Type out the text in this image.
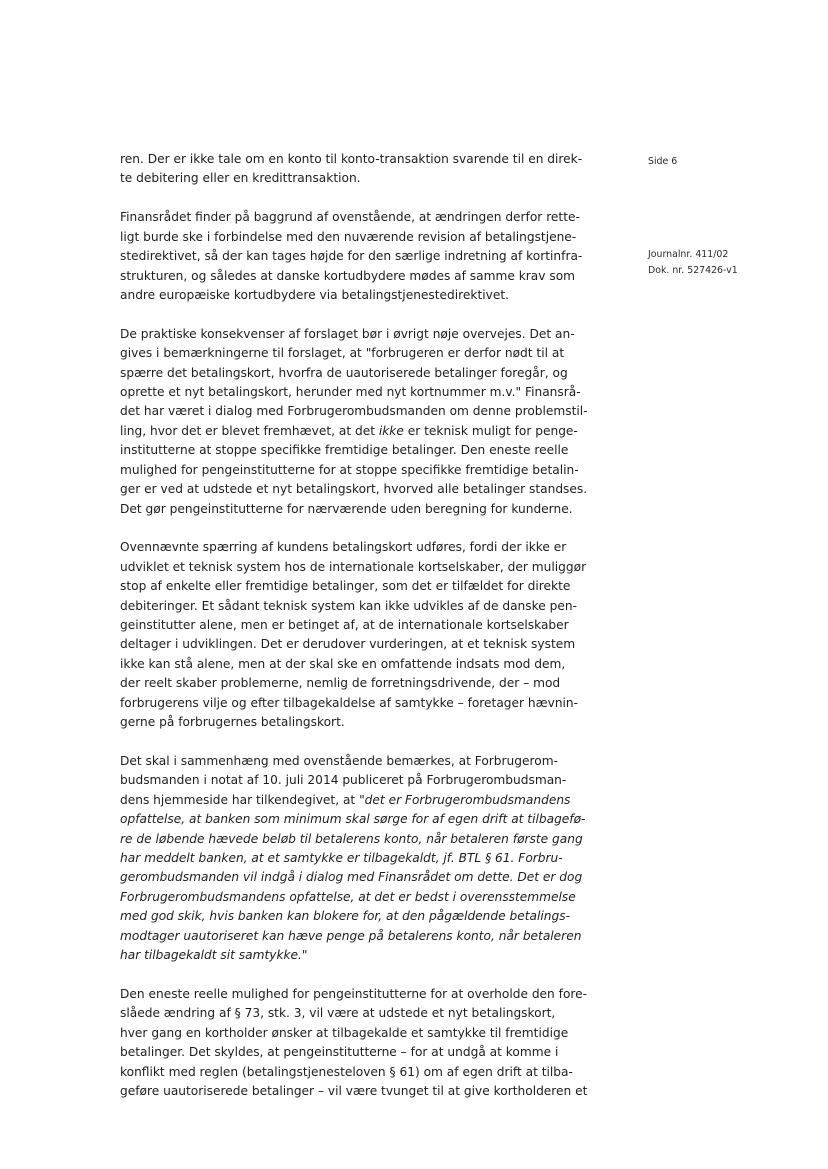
Side 6
Journalnr. 411/02
Dok. nr. 527426-v1

ren. Der er ikke tale om en konto til konto-transaktion svarende til en direk-
te debitering eller en kredittransaktion.

Finansrådet finder på baggrund af ovenstående, at ændringen derfor rette-
ligt burde ske i forbindelse med den nuværende revision af betalingstjene-
stedirektivet, så der kan tages højde for den særlige indretning af kortinfra-
strukturen, og således at danske kortudbydere mødes af samme krav som
andre europæiske kortudbydere via betalingstjenestedirektivet.

De praktiske konsekvenser af forslaget bør i øvrigt nøje overvejes. Det an-
gives i bemærkningerne til forslaget, at "forbrugeren er derfor nødt til at
spærre det betalingskort, hvorfra de uautoriserede betalinger foregår, og
oprette et nyt betalingskort, herunder med nyt kortnummer m.v." Finansrå-
det har været i dialog med Forbrugerombudsmanden om denne problemstil-
ling, hvor det er blevet fremhævet, at det ikke er teknisk muligt for penge-
institutterne at stoppe specifikke fremtidige betalinger. Den eneste reelle
mulighed for pengeinstitutterne for at stoppe specifikke fremtidige betalin-
ger er ved at udstede et nyt betalingskort, hvorved alle betalinger standses.
Det gør pengeinstitutterne for nærværende uden beregning for kunderne.

Ovennævnte spærring af kundens betalingskort udføres, fordi der ikke er
udviklet et teknisk system hos de internationale kortselskaber, der muliggør
stop af enkelte eller fremtidige betalinger, som det er tilfældet for direkte
debiteringer. Et sådant teknisk system kan ikke udvikles af de danske pen-
geinstitutter alene, men er betinget af, at de internationale kortselskaber
deltager i udviklingen. Det er derudover vurderingen, at et teknisk system
ikke kan stå alene, men at der skal ske en omfattende indsats mod dem,
der reelt skaber problemerne, nemlig de forretningsdrivende, der – mod
forbrugerens vilje og efter tilbagekaldelse af samtykke – foretager hævnin-
gerne på forbrugernes betalingskort.

Det skal i sammenhæng med ovenstående bemærkes, at Forbrugerom-
budsmanden i notat af 10. juli 2014 publiceret på Forbrugerombudsman-
dens hjemmeside har tilkendegivet, at "det er Forbrugerombudsmandens
opfattelse, at banken som minimum skal sørge for af egen drift at tilbagefø-
re de løbende hævede beløb til betalerens konto, når betaleren første gang
har meddelt banken, at et samtykke er tilbagekaldt, jf. BTL § 61. Forbru-
gerombudsmanden vil indgå i dialog med Finansrådet om dette. Det er dog
Forbrugerombudsmandens opfattelse, at det er bedst i overensstemmelse
med god skik, hvis banken kan blokere for, at den pågældende betalings-
modtager uautoriseret kan hæve penge på betalerens konto, når betaleren
har tilbagekaldt sit samtykke."

Den eneste reelle mulighed for pengeinstitutterne for at overholde den fore-
slåede ændring af § 73, stk. 3, vil være at udstede et nyt betalingskort,
hver gang en kortholder ønsker at tilbagekalde et samtykke til fremtidige
betalinger. Det skyldes, at pengeinstitutterne – for at undgå at komme i
konflikt med reglen (betalingstjenesteloven § 61) om af egen drift at tilba-
geføre uautoriserede betalinger – vil være tvunget til at give kortholderen et
